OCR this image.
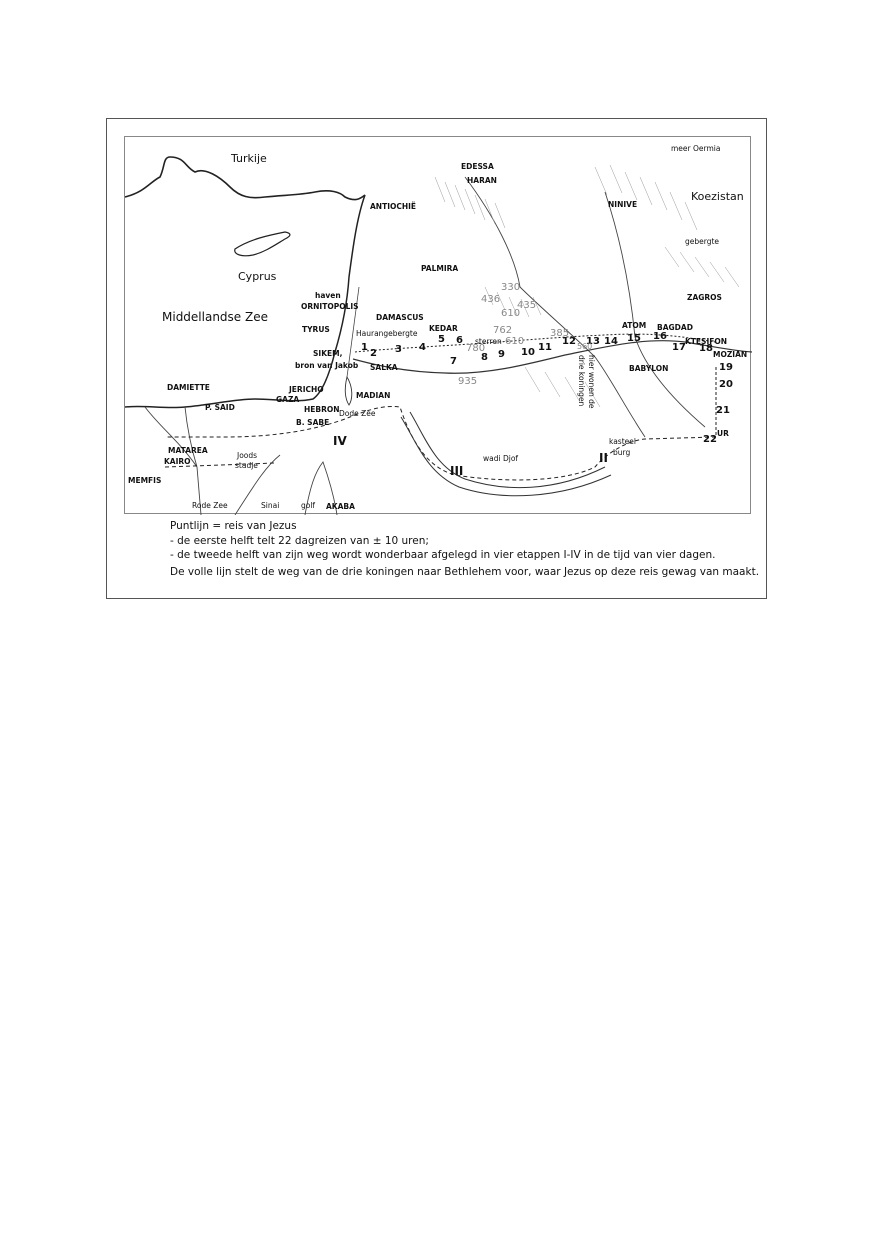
Turkije
Cyprus
Middellandse Zee
meer Oermia
Koezistan
gebergte
ZAGROS
Haurangebergte
Dode Zee
Rode Zee	Sinai	golf
wadi Djof
sterren
hier wonen de
drie koningen
EDESSA
HARAN
NINIVE
ANTIOCHIË
PALMIRA
haven
ORNITOPOLIS
DAMASCUS
TYRUS	KEDAR
SIKEM,
bron van Jakob SALKA
ATOM BAGDAD
KTESIFON
MOZIAN
BABYLON
DAMIETTE
P. SAID
JERICHO
GAZA
HEBRON
MADIAN
B. SABE
UR
MATAREA
KAIRO
MEMFIS
Joods
stadje
kasteel
burg
AKABA
1
2 3 4
5 6
7 8 9 10 11
12 13 14 15 16
17 18
19
20
21
22
II
III
IV
330
436
435
610
762
780
935
610
385
560
Puntlijn = reis van Jezus
- de eerste helft telt 22 dagreizen van ± 10 uren;
- de tweede helft van zijn weg wordt wonderbaar afgelegd in vier etappen I-IV in de tijd van vier dagen.
De volle lijn stelt de weg van de drie koningen naar Bethlehem voor, waar Jezus op deze reis gewag van maakt.
